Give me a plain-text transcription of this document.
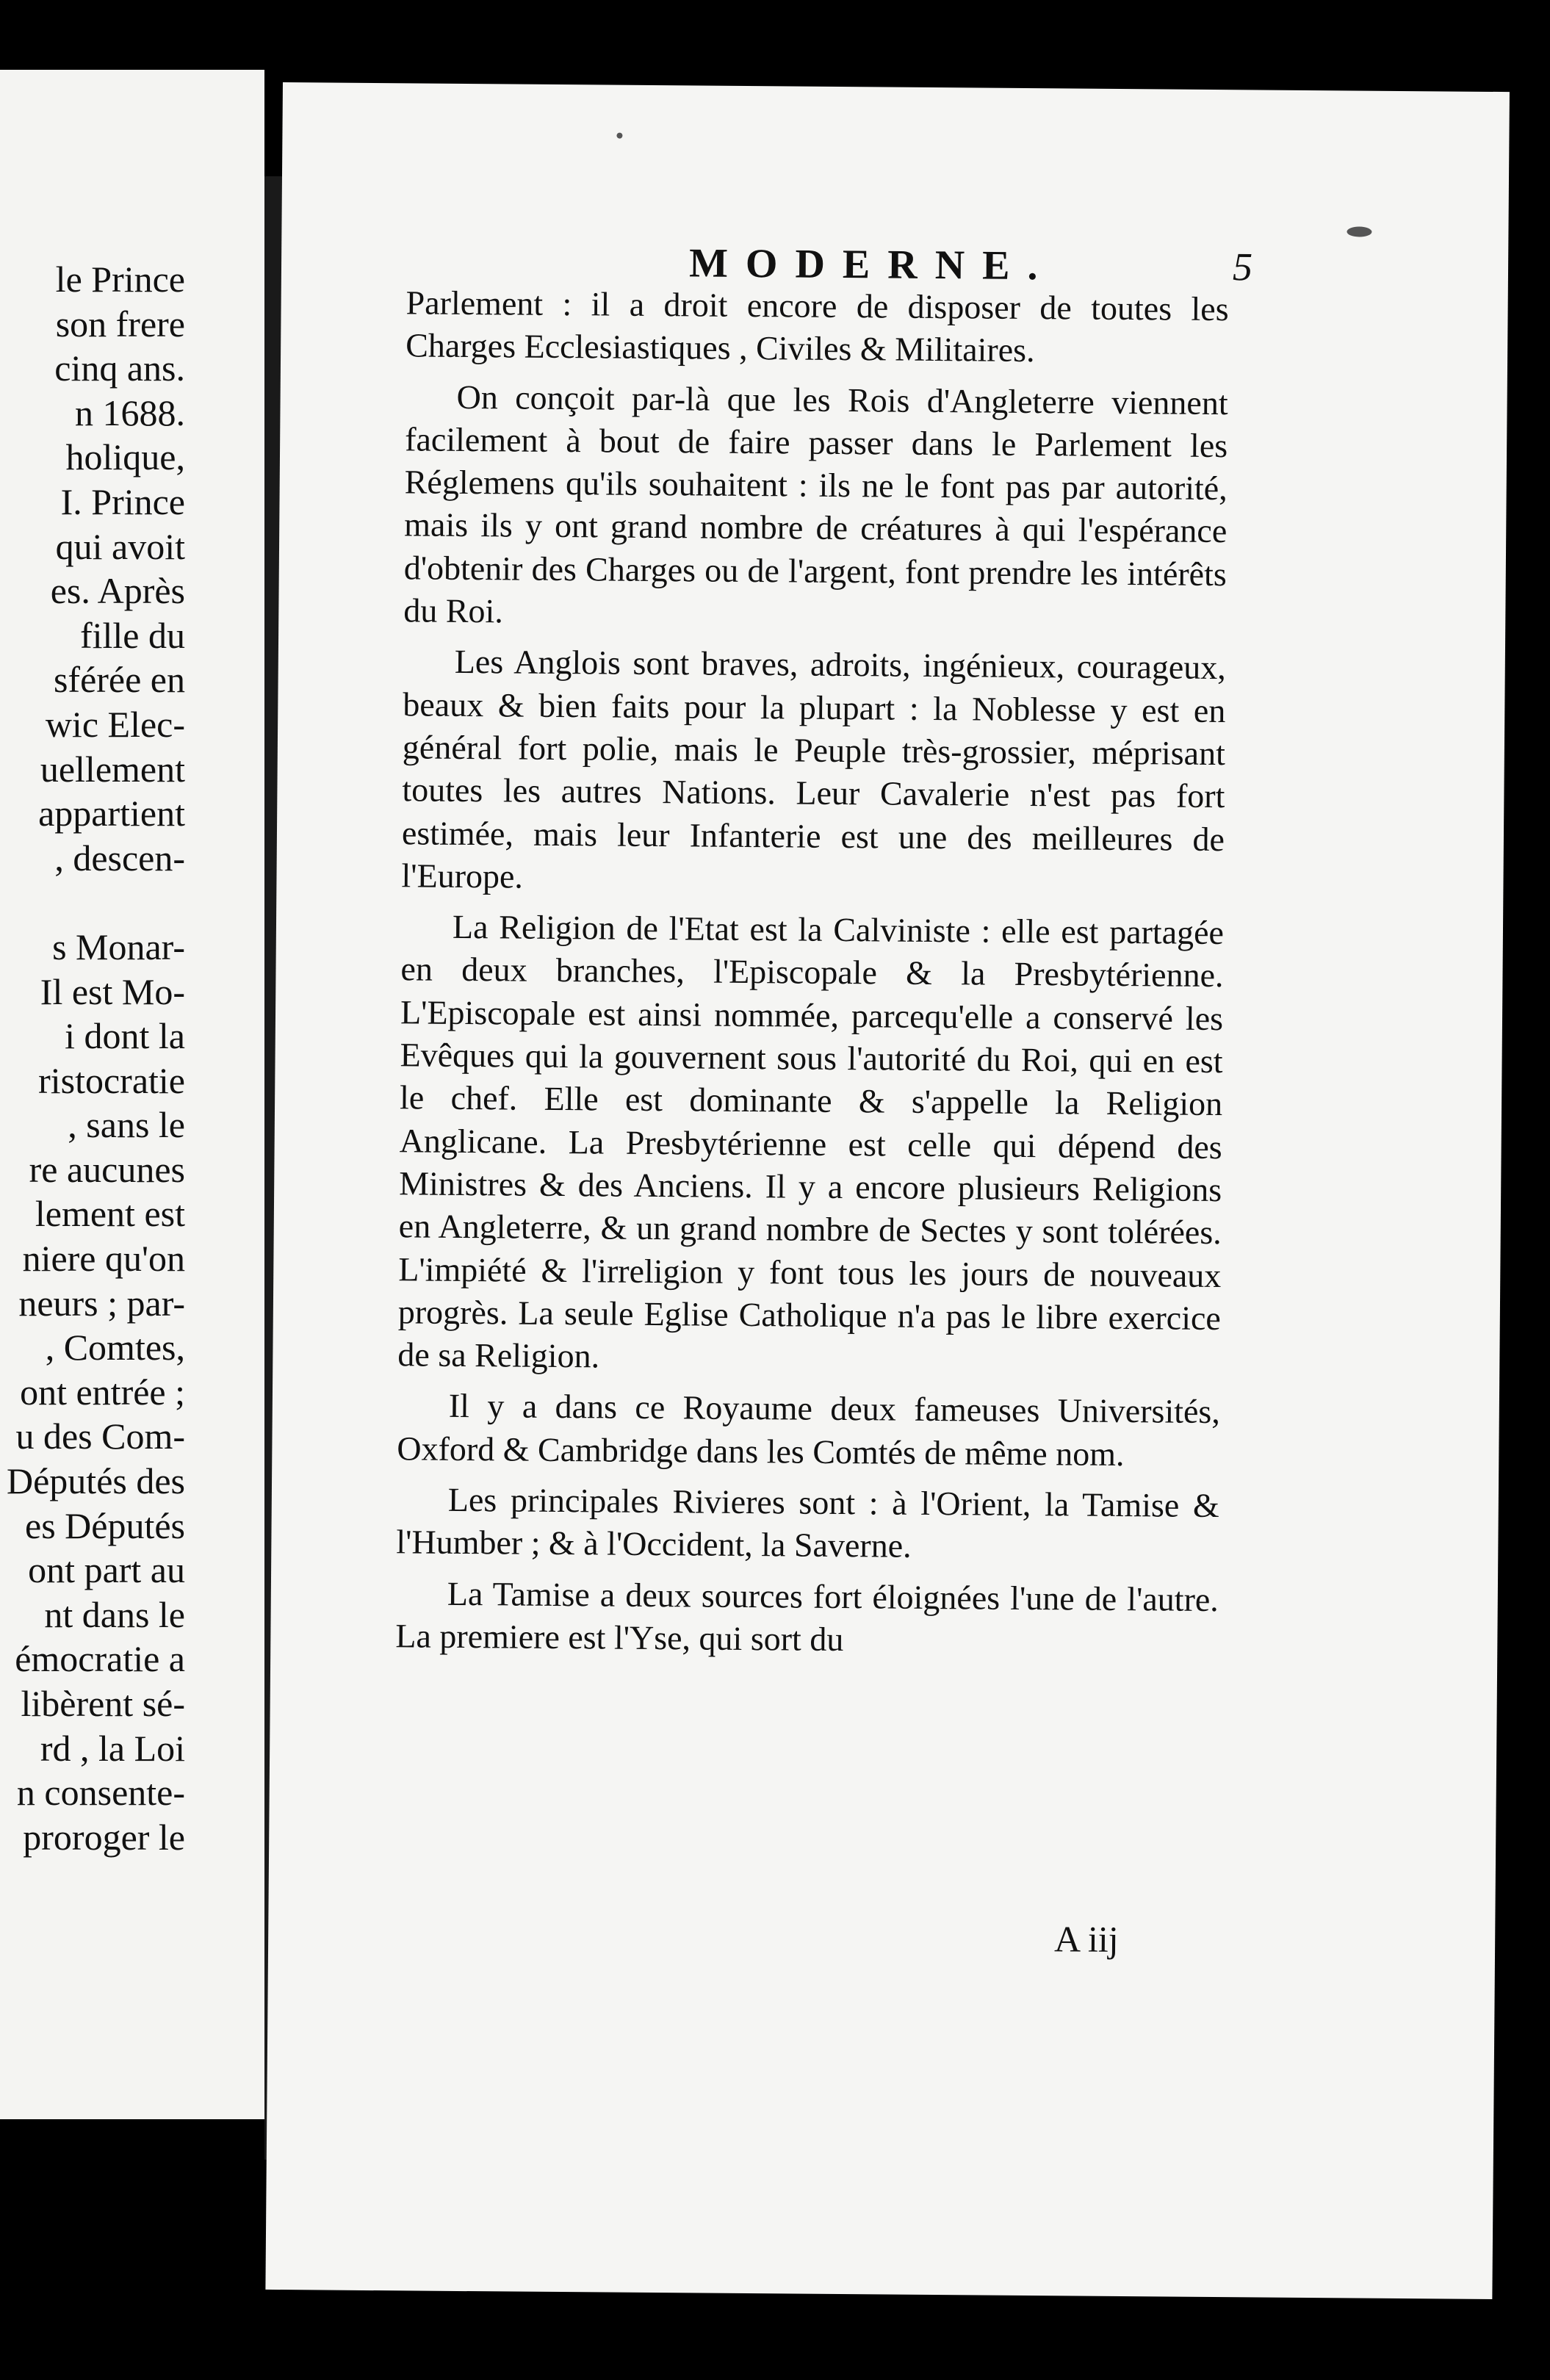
le Prince
son frere
cinq ans.
n 1688.
holique,
I. Prince
qui avoit
es. Après
fille du
sférée en
wic Elec-
uellement
appartient
, descen-
s Monar-
Il est Mo-
i dont la
ristocratie
, sans le
re aucunes
lement est
niere qu'on
neurs ; par-
, Comtes,
ont entrée ;
u des Com-
Députés des
es Députés
ont part au
nt dans le
émocratie a
libèrent sé-
rd , la Loi
n consente-
proroger le
MODERNE.	5

Parlement : il a droit encore de disposer de toutes les Charges Ecclesiastiques , Civiles & Militaires.

On conçoit par-là que les Rois d'Angleterre viennent facilement à bout de faire passer dans le Parlement les Réglemens qu'ils souhaitent : ils ne le font pas par autorité, mais ils y ont grand nombre de créatures à qui l'espérance d'obtenir des Charges ou de l'argent, font prendre les intérêts du Roi.

Les Anglois sont braves, adroits, ingénieux, courageux, beaux & bien faits pour la plupart : la Noblesse y est en général fort polie, mais le Peuple très-grossier, méprisant toutes les autres Nations. Leur Cavalerie n'est pas fort estimée, mais leur Infanterie est une des meilleures de l'Europe.

La Religion de l'Etat est la Calviniste : elle est partagée en deux branches, l'Episcopale & la Presbytérienne. L'Episcopale est ainsi nommée, parcequ'elle a conservé les Evêques qui la gouvernent sous l'autorité du Roi, qui en est le chef. Elle est dominante & s'appelle la Religion Anglicane. La Presbytérienne est celle qui dépend des Ministres & des Anciens. Il y a encore plusieurs Religions en Angleterre, & un grand nombre de Sectes y sont tolérées. L'impiété & l'irreligion y font tous les jours de nouveaux progrès. La seule Eglise Catholique n'a pas le libre exercice de sa Religion.

Il y a dans ce Royaume deux fameuses Universités, Oxford & Cambridge dans les Comtés de même nom.

Les principales Rivieres sont : à l'Orient, la Tamise & l'Humber ; & à l'Occident, la Saverne.

La Tamise a deux sources fort éloignées l'une de l'autre. La premiere est l'Yse, qui sort du

A iij
